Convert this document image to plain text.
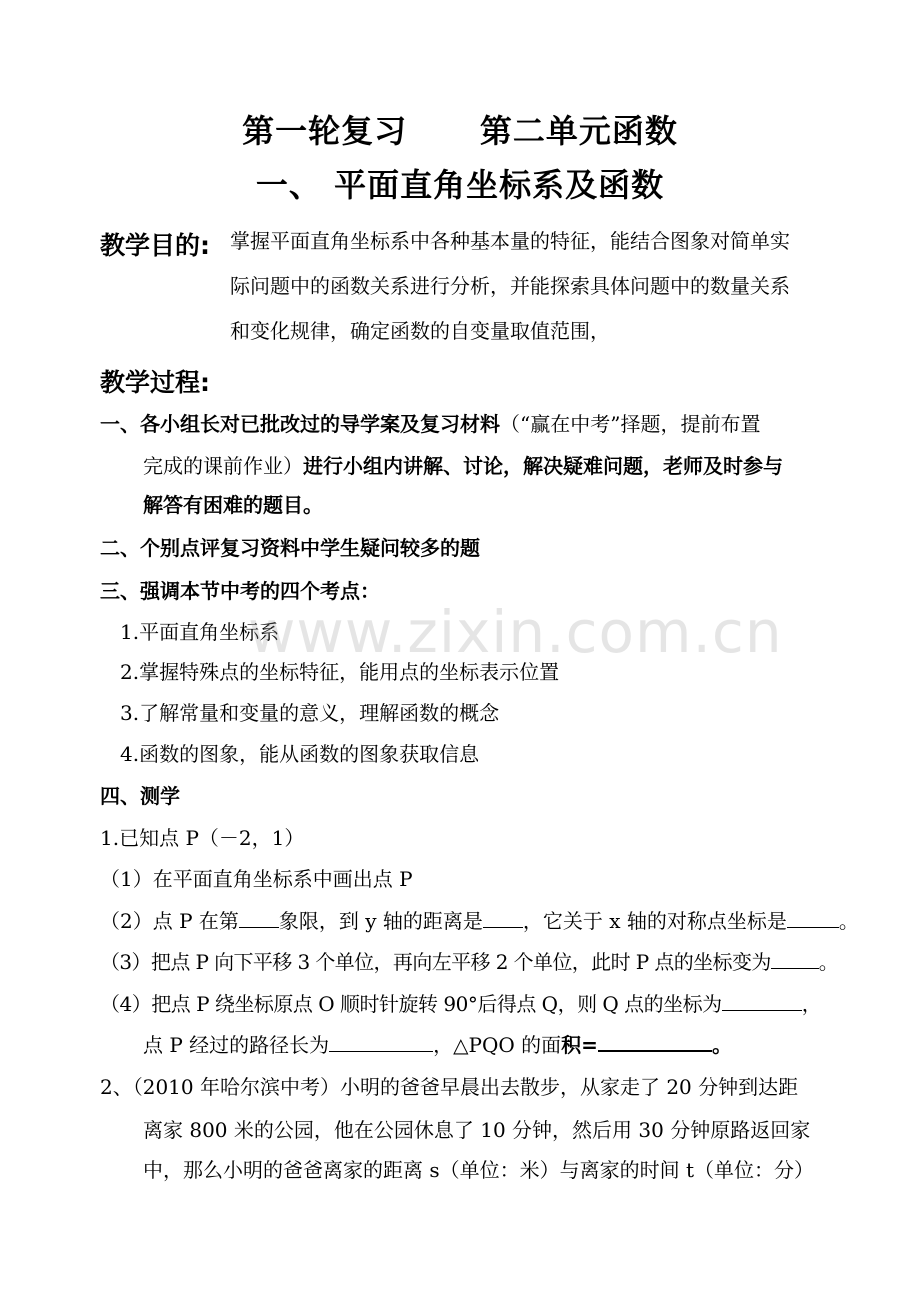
第一轮复习      第二单元函数
一、 平面直角坐标系及函数
教学目的: 掌握平面直角坐标系中各种基本量的特征，能结合图象对简单实
际问题中的函数关系进行分析，并能探索具体问题中的数量关系
和变化规律，确定函数的自变量取值范围，
教学过程:
一、各小组长对已批改过的导学案及复习材料（“赢在中考”择题，提前布置
完成的课前作业）进行小组内讲解、讨论，解决疑难问题，老师及时参与
解答有困难的题目。
二、个别点评复习资料中学生疑问较多的题
三、强调本节中考的四个考点：
1.平面直角坐标系
2.掌握特殊点的坐标特征，能用点的坐标表示位置
3.了解常量和变量的意义，理解函数的概念
4.函数的图象，能从函数的图象获取信息
四、测学
1.已知点 P（－2，1）
（1）在平面直角坐标系中画出点 P
（2）点 P 在第 象限，到 y 轴的距离是 ，它关于 x 轴的对称点坐标是	。
（3）把点 P 向下平移 3 个单位，再向左平移 2 个单位，此时 P 点的坐标变为 。
（4）把点 P 绕坐标原点 O 顺时针旋转 90°后得点 Q，则 Q 点的坐标为	，
点 P 经过的路径长为	，△PQO 的面积=	。
2、（2010 年哈尔滨中考）小明的爸爸早晨出去散步，从家走了 20 分钟到达距
离家 800 米的公园，他在公园休息了 10 分钟，然后用 30 分钟原路返回家
中，那么小明的爸爸离家的距离 s（单位：米）与离家的时间 t（单位：分）
www.zixin.com.cn
